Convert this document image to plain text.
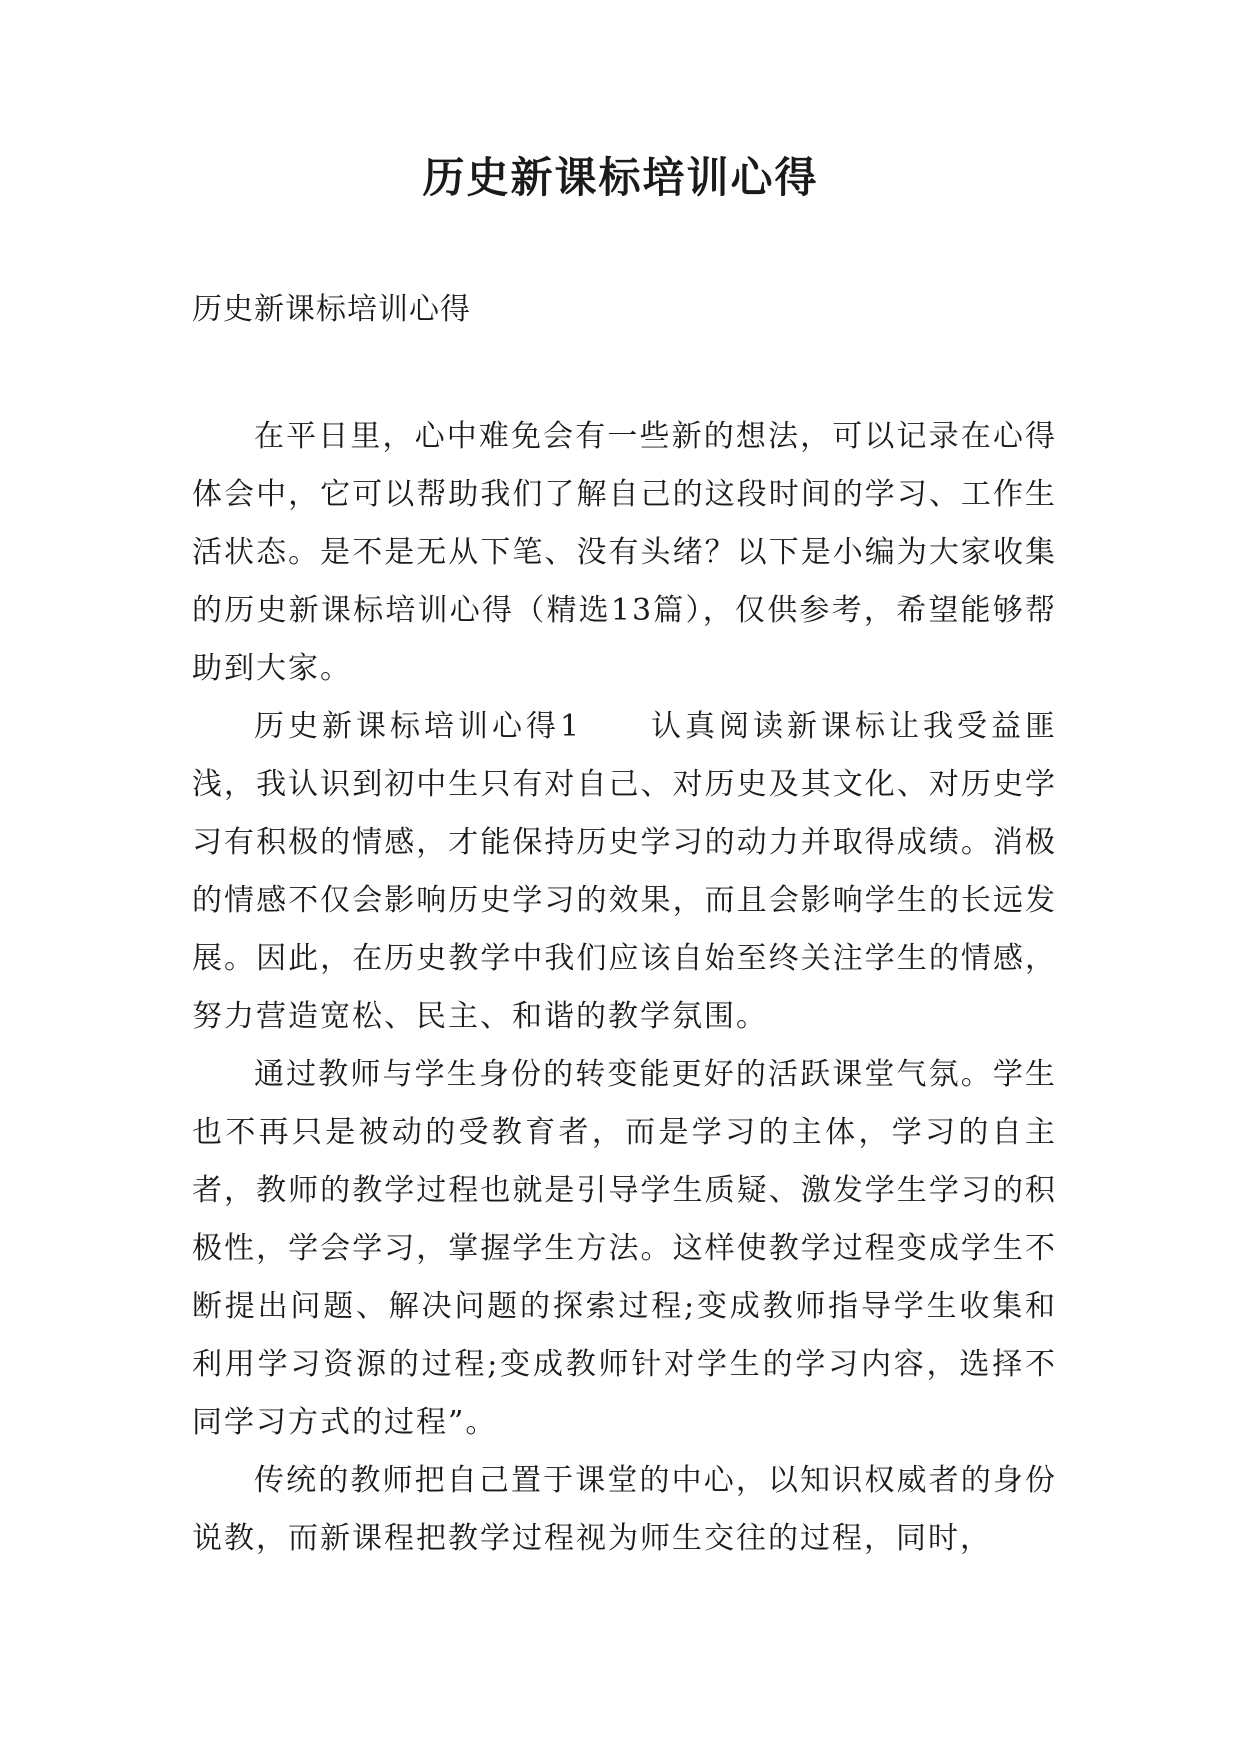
历史新课标培训心得

历史新课标培训心得

在平日里，心中难免会有一些新的想法，可以记录在心得体会中，它可以帮助我们了解自己的这段时间的学习、工作生活状态。是不是无从下笔、没有头绪？以下是小编为大家收集的历史新课标培训心得（精选13篇），仅供参考，希望能够帮助到大家。

历史新课标培训心得1　　认真阅读新课标让我受益匪浅，我认识到初中生只有对自己、对历史及其文化、对历史学习有积极的情感，才能保持历史学习的动力并取得成绩。消极的情感不仅会影响历史学习的效果，而且会影响学生的长远发展。因此，在历史教学中我们应该自始至终关注学生的情感，努力营造宽松、民主、和谐的教学氛围。

通过教师与学生身份的转变能更好的活跃课堂气氛。学生也不再只是被动的受教育者，而是学习的主体，学习的自主者，教师的教学过程也就是引导学生质疑、激发学生学习的积极性，学会学习，掌握学生方法。这样使教学过程变成学生不断提出问题、解决问题的探索过程;变成教师指导学生收集和利用学习资源的过程;变成教师针对学生的学习内容，选择不同学习方式的过程”。

传统的教师把自己置于课堂的中心，以知识权威者的身份说教，而新课程把教学过程视为师生交往的过程，同时，
